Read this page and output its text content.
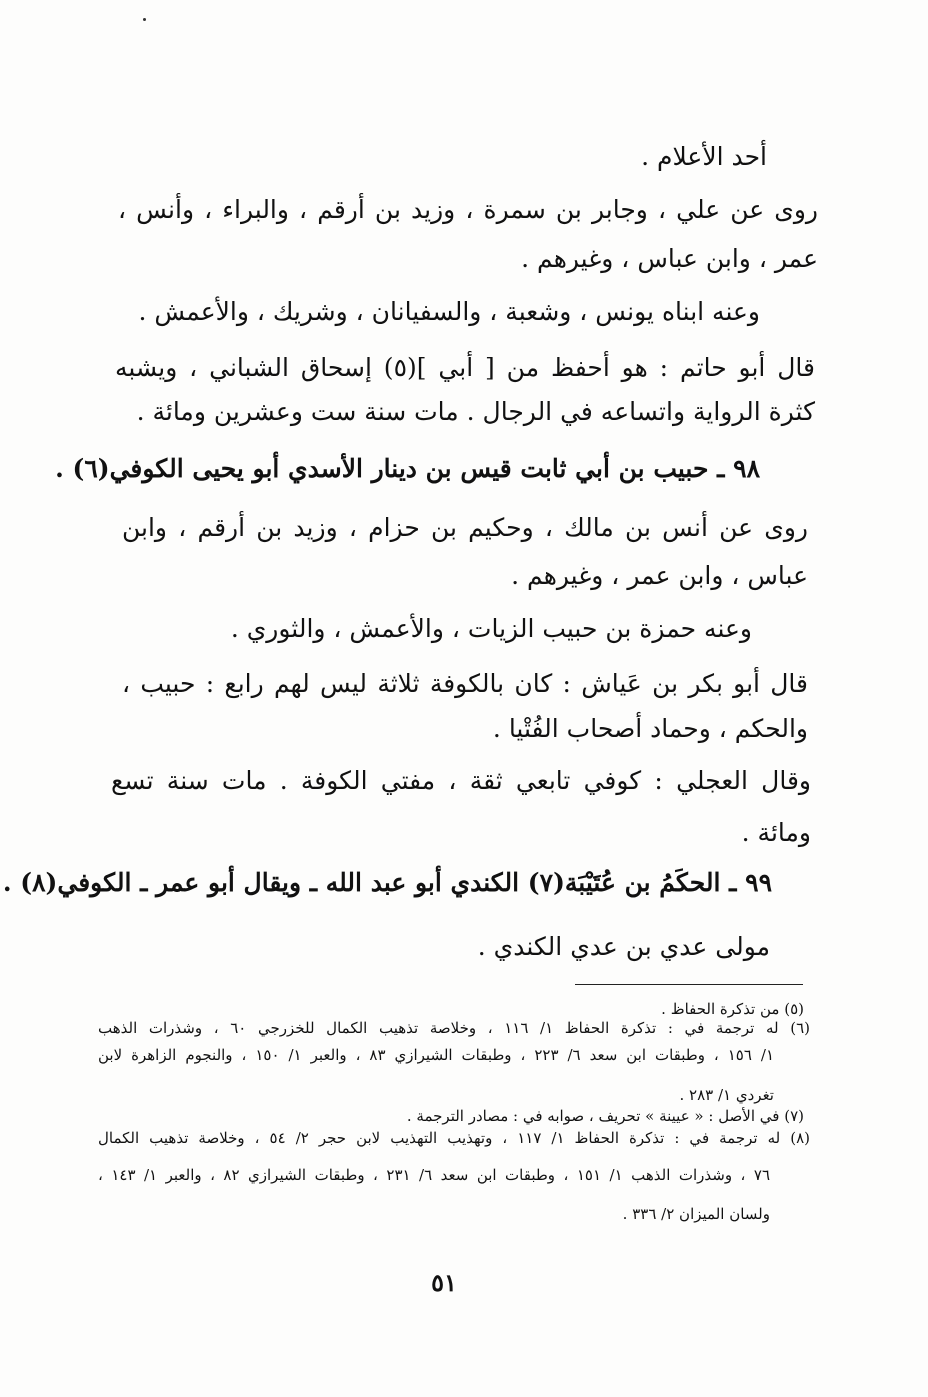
أحد الأعلام .
روى عن علي ، وجابر بن سمرة ، وزيد بن أرقم ، والبراء ، وأنس ،
عمر ، وابن عباس ، وغيرهم .
وعنه ابناه يونس ، وشعبة ، والسفيانان ، وشريك ، والأعمش .
قال أبو حاتم : هو أحفظ من [ أبي ](٥) إسحاق الشباني ، ويشبه
كثرة الرواية واتساعه في الرجال . مات سنة ست وعشرين ومائة .
٩٨ ـ حبيب بن أبي ثابت قيس بن دينار الأسدي أبو يحيى الكوفي(٦) .
روى عن أنس بن مالك ، وحكيم بن حزام ، وزيد بن أرقم ، وابن
عباس ، وابن عمر ، وغيرهم .
وعنه حمزة بن حبيب الزيات ، والأعمش ، والثوري .
قال أبو بكر بن عَياش : كان بالكوفة ثلاثة ليس لهم رابع : حبيب ،
والحكم ، وحماد أصحاب الفُتْيا .
وقال العجلي : كوفي تابعي ثقة ، مفتي الكوفة . مات سنة تسع
ومائة .
٩٩ ـ الحكَمُ بن عُتَيْبَة(٧) الكندي أبو عبد الله ـ ويقال أبو عمر ـ الكوفي(٨) .
مولى عدي بن عدي الكندي .
(٥) من تذكرة الحفاظ .
(٦) له ترجمة في : تذكرة الحفاظ ١/ ١١٦ ، وخلاصة تذهيب الكمال للخزرجي ٦٠ ، وشذرات الذهب
١/ ١٥٦ ، وطبقات ابن سعد ٦/ ٢٢٣ ، وطبقات الشيرازي ٨٣ ، والعبر ١/ ١٥٠ ، والنجوم الزاهرة لابن
تغردي ١/ ٢٨٣ .
(٧) في الأصل : « عيينة » تحريف ، صوابه في : مصادر الترجمة .
(٨) له ترجمة في : تذكرة الحفاظ ١/ ١١٧ ، وتهذيب التهذيب لابن حجر ٢/ ٥٤ ، وخلاصة تذهيب الكمال
٧٦ ، وشذرات الذهب ١/ ١٥١ ، وطبقات ابن سعد ٦/ ٢٣١ ، وطبقات الشيرازي ٨٢ ، والعبر ١/ ١٤٣ ،
ولسان الميزان ٢/ ٣٣٦ .
٥١
